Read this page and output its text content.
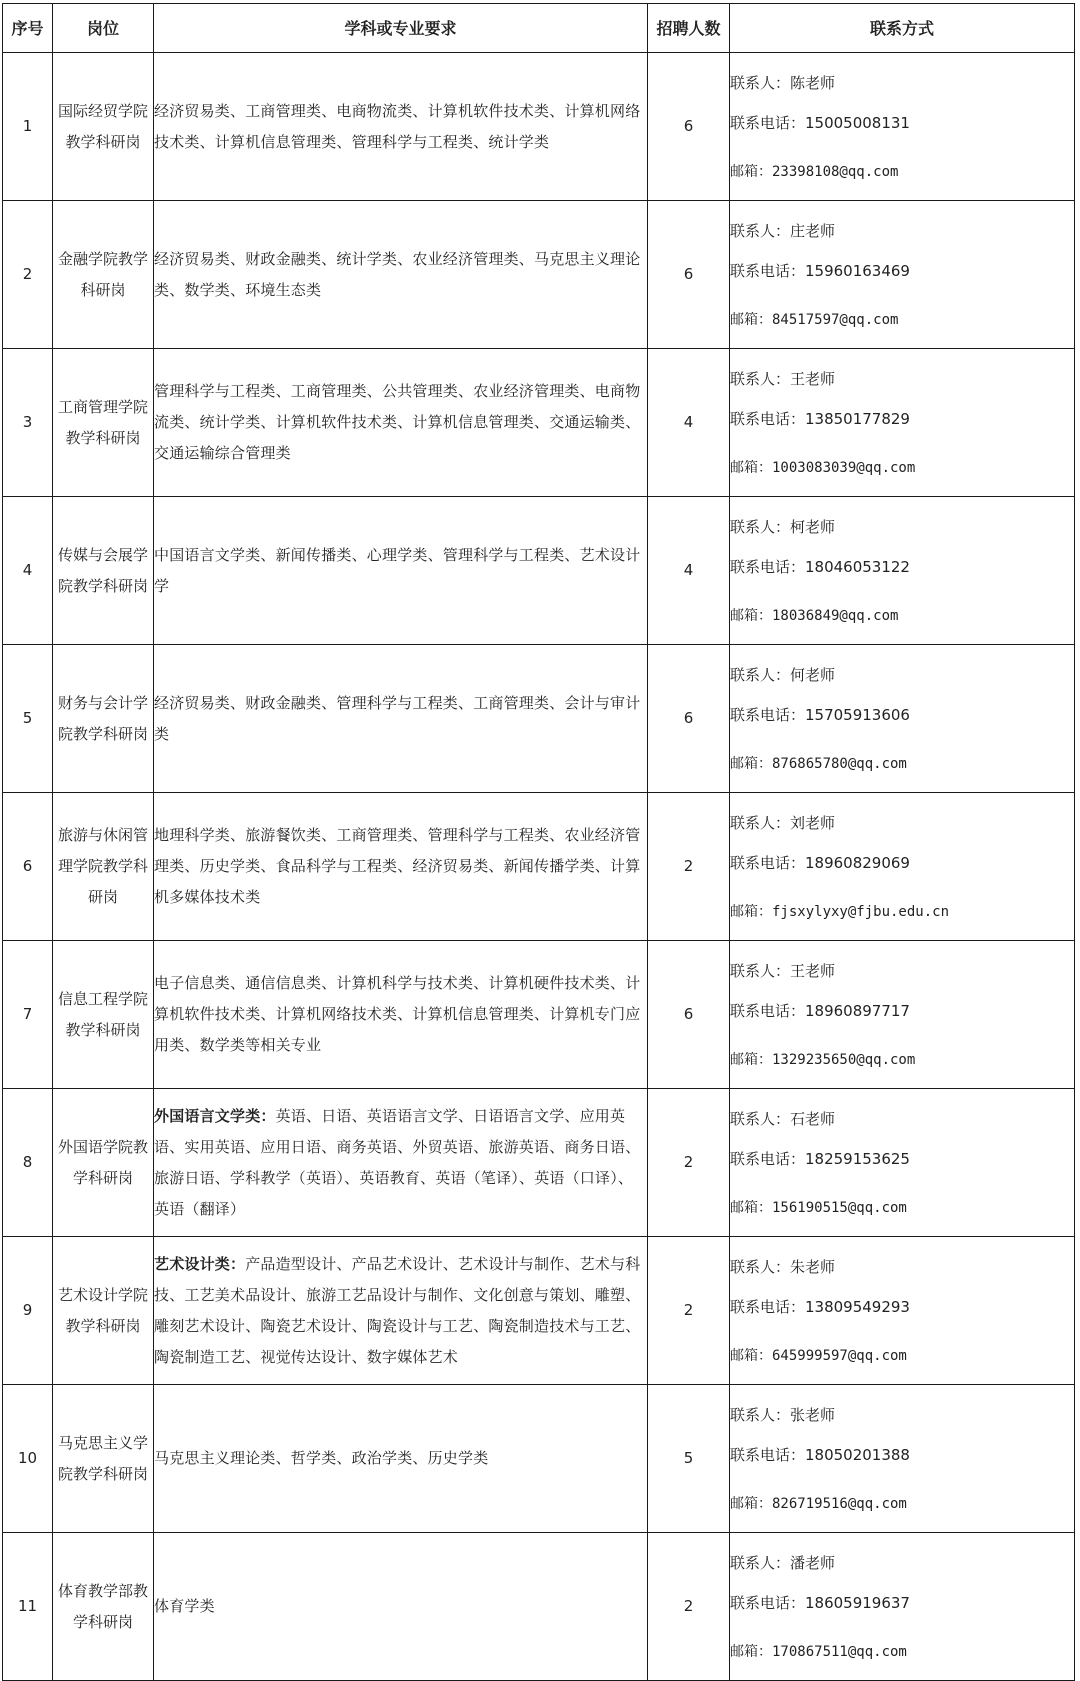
序号	岗位	学科或专业要求	招聘人数	联系方式
1	国际经贸学院教学科研岗	经济贸易类、工商管理类、电商物流类、计算机软件技术类、计算机网络技术类、计算机信息管理类、管理科学与工程类、统计学类	6	联系人：陈老师
联系电话：15005008131
邮箱：23398108@qq.com

2	金融学院教学科研岗	经济贸易类、财政金融类、统计学类、农业经济管理类、马克思主义理论类、数学类、环境生态类	6	联系人：庄老师
联系电话：15960163469
邮箱：84517597@qq.com

3	工商管理学院教学科研岗	管理科学与工程类、工商管理类、公共管理类、农业经济管理类、电商物流类、统计学类、计算机软件技术类、计算机信息管理类、交通运输类、交通运输综合管理类	4	联系人：王老师
联系电话：13850177829
邮箱：1003083039@qq.com

4	传媒与会展学院教学科研岗	中国语言文学类、新闻传播类、心理学类、管理科学与工程类、艺术设计学	4	联系人：柯老师
联系电话：18046053122
邮箱：18036849@qq.com

5	财务与会计学院教学科研岗	经济贸易类、财政金融类、管理科学与工程类、工商管理类、会计与审计类	6	联系人：何老师
联系电话：15705913606
邮箱：876865780@qq.com

6	旅游与休闲管理学院教学科研岗	地理科学类、旅游餐饮类、工商管理类、管理科学与工程类、农业经济管理类、历史学类、食品科学与工程类、经济贸易类、新闻传播学类、计算机多媒体技术类	2	联系人：刘老师
联系电话：18960829069
邮箱：fjsxylyxy@fjbu.edu.cn

7	信息工程学院教学科研岗	电子信息类、通信信息类、计算机科学与技术类、计算机硬件技术类、计算机软件技术类、计算机网络技术类、计算机信息管理类、计算机专门应用类、数学类等相关专业	6	联系人：王老师
联系电话：18960897717
邮箱：1329235650@qq.com

8	外国语学院教学科研岗	外国语言文学类：英语、日语、英语语言文学、日语语言文学、应用英语、实用英语、应用日语、商务英语、外贸英语、旅游英语、商务日语、旅游日语、学科教学（英语）、英语教育、英语（笔译）、英语（口译）、英语（翻译）	2	联系人：石老师
联系电话：18259153625
邮箱：156190515@qq.com

9	艺术设计学院教学科研岗	艺术设计类：产品造型设计、产品艺术设计、艺术设计与制作、艺术与科技、工艺美术品设计、旅游工艺品设计与制作、文化创意与策划、雕塑、雕刻艺术设计、陶瓷艺术设计、陶瓷设计与工艺、陶瓷制造技术与工艺、陶瓷制造工艺、视觉传达设计、数字媒体艺术	2	联系人：朱老师
联系电话：13809549293
邮箱：645999597@qq.com

10	马克思主义学院教学科研岗	马克思主义理论类、哲学类、政治学类、历史学类	5	联系人：张老师
联系电话：18050201388
邮箱：826719516@qq.com

11	体育教学部教学科研岗	体育学类	2	联系人：潘老师
联系电话：18605919637
邮箱：170867511@qq.com
